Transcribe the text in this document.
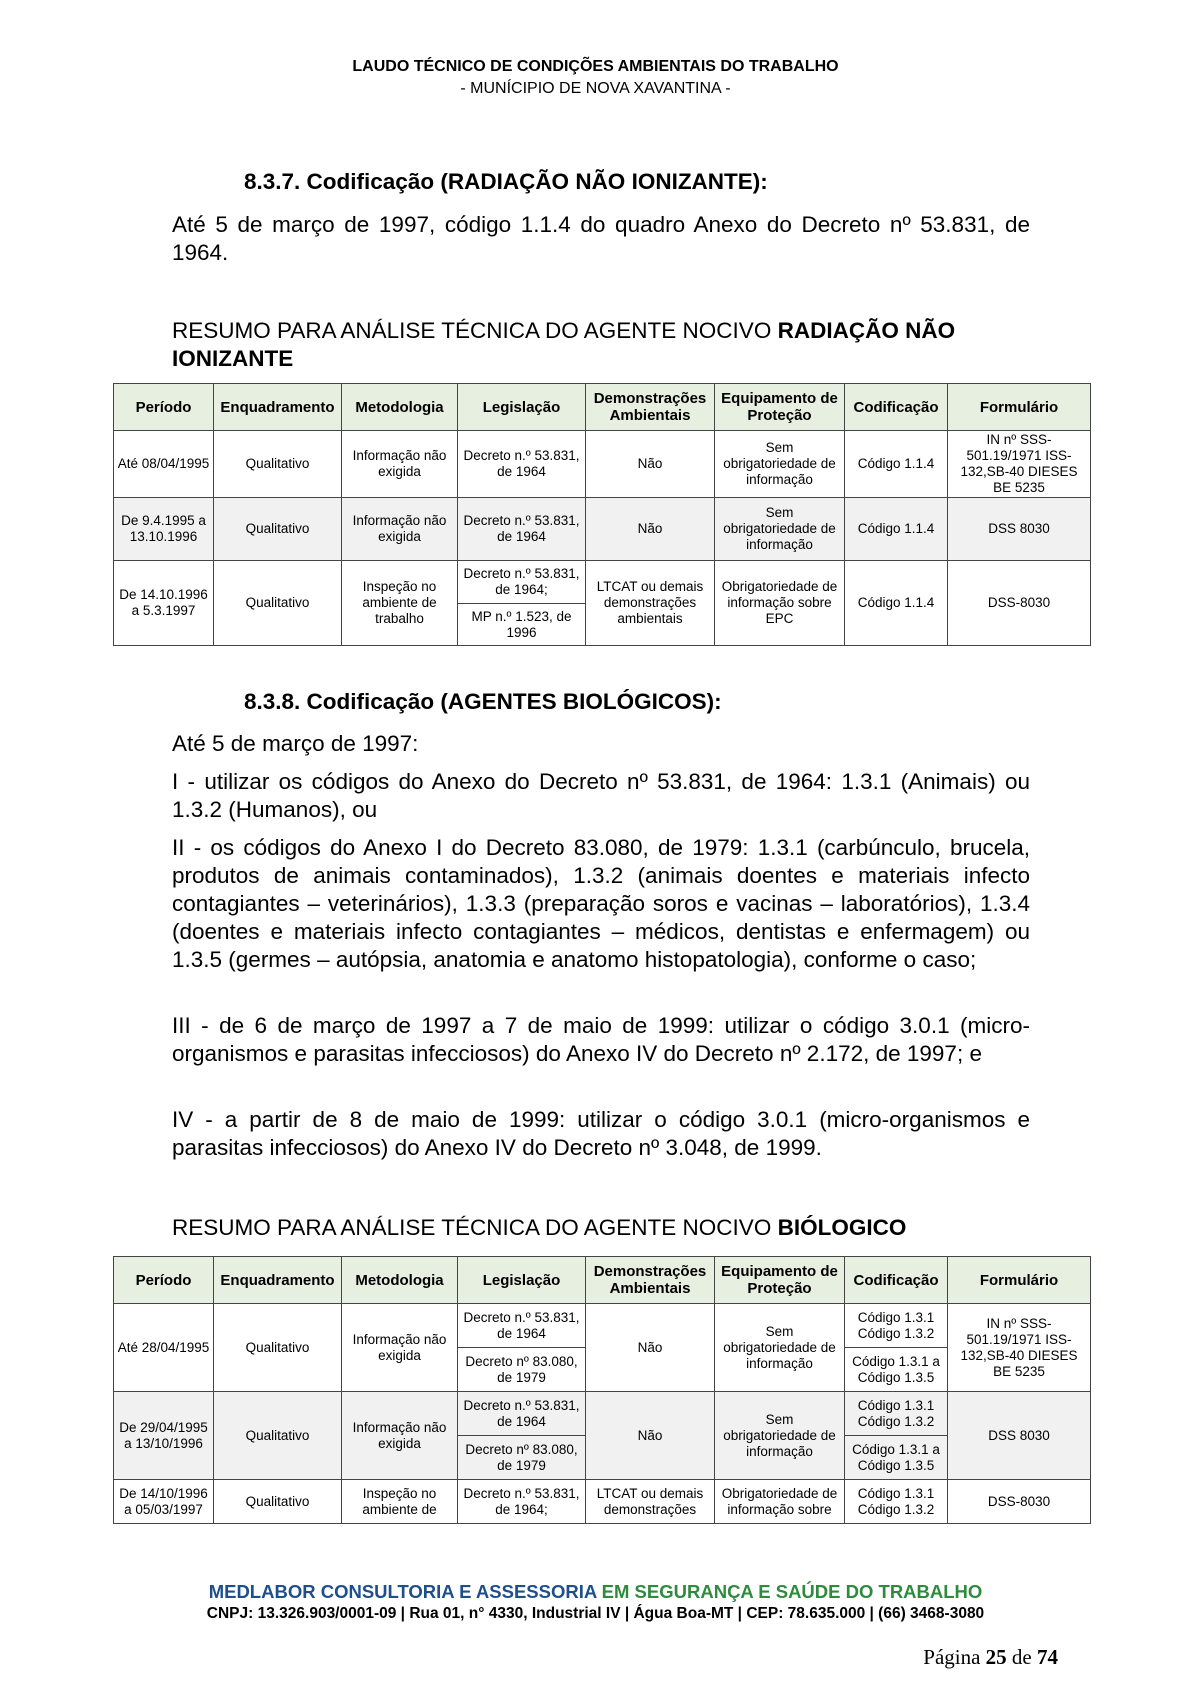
LAUDO TÉCNICO DE CONDIÇÕES AMBIENTAIS DO TRABALHO
- MUNÍCIPIO DE NOVA XAVANTINA -
8.3.7. Codificação (RADIAÇÃO NÃO IONIZANTE):
Até 5 de março de 1997, código 1.1.4 do quadro Anexo do Decreto nº 53.831, de 1964.
RESUMO PARA ANÁLISE TÉCNICA DO AGENTE NOCIVO RADIAÇÃO NÃO IONIZANTE
Período	Enquadramento	Metodologia	Legislação	Demonstrações Ambientais	Equipamento de Proteção	Codificação	Formulário
Até 08/04/1995	Qualitativo	Informação não exigida	Decreto n.º 53.831, de 1964	Não	Sem obrigatoriedade de informação	Código 1.1.4	IN nº SSS-501.19/1971 ISS-132,SB-40 DIESES BE 5235
De 9.4.1995 a 13.10.1996	Qualitativo	Informação não exigida	Decreto n.º 53.831, de 1964	Não	Sem obrigatoriedade de informação	Código 1.1.4	DSS 8030
De 14.10.1996 a 5.3.1997	Qualitativo	Inspeção no ambiente de trabalho	Decreto n.º 53.831, de 1964;	LTCAT ou demais demonstrações ambientais	Obrigatoriedade de informação sobre EPC	Código 1.1.4	DSS-8030
			MP n.º 1.523, de 1996				
8.3.8. Codificação (AGENTES BIOLÓGICOS):
Até 5 de março de 1997:
I - utilizar os códigos do Anexo do Decreto nº 53.831, de 1964: 1.3.1 (Animais) ou 1.3.2 (Humanos), ou
II - os códigos do Anexo I do Decreto 83.080, de 1979: 1.3.1 (carbúnculo, brucela, produtos de animais contaminados), 1.3.2 (animais doentes e materiais infecto contagiantes – veterinários), 1.3.3 (preparação soros e vacinas – laboratórios), 1.3.4 (doentes e materiais infecto contagiantes – médicos, dentistas e enfermagem) ou 1.3.5 (germes – autópsia, anatomia e anatomo histopatologia), conforme o caso;
III - de 6 de março de 1997 a 7 de maio de 1999: utilizar o código 3.0.1 (micro-organismos e parasitas infecciosos) do Anexo IV do Decreto nº 2.172, de 1997; e
IV - a partir de 8 de maio de 1999: utilizar o código 3.0.1 (micro-organismos e parasitas infecciosos) do Anexo IV do Decreto nº 3.048, de 1999.
RESUMO PARA ANÁLISE TÉCNICA DO AGENTE NOCIVO BIÓLOGICO
Período	Enquadramento	Metodologia	Legislação	Demonstrações Ambientais	Equipamento de Proteção	Codificação	Formulário
Até 28/04/1995	Qualitativo	Informação não exigida	Decreto n.º 53.831, de 1964	Não	Sem obrigatoriedade de informação	Código 1.3.1 Código 1.3.2	IN nº SSS-501.19/1971 ISS-132,SB-40 DIESES BE 5235
			Decreto nº 83.080, de 1979			Código 1.3.1 a Código 1.3.5	
De 29/04/1995 a 13/10/1996	Qualitativo	Informação não exigida	Decreto n.º 53.831, de 1964	Não	Sem obrigatoriedade de informação	Código 1.3.1 Código 1.3.2	DSS 8030
			Decreto nº 83.080, de 1979			Código 1.3.1 a Código 1.3.5	
De 14/10/1996 a 05/03/1997	Qualitativo	Inspeção no ambiente de	Decreto n.º 53.831, de 1964;	LTCAT ou demais demonstrações	Obrigatoriedade de informação sobre	Código 1.3.1 Código 1.3.2	DSS-8030
MEDLABOR CONSULTORIA E ASSESSORIA EM SEGURANÇA E SAÚDE DO TRABALHO
CNPJ: 13.326.903/0001-09 | Rua 01, n° 4330, Industrial IV | Água Boa-MT | CEP: 78.635.000 | (66) 3468-3080
Página 25 de 74
